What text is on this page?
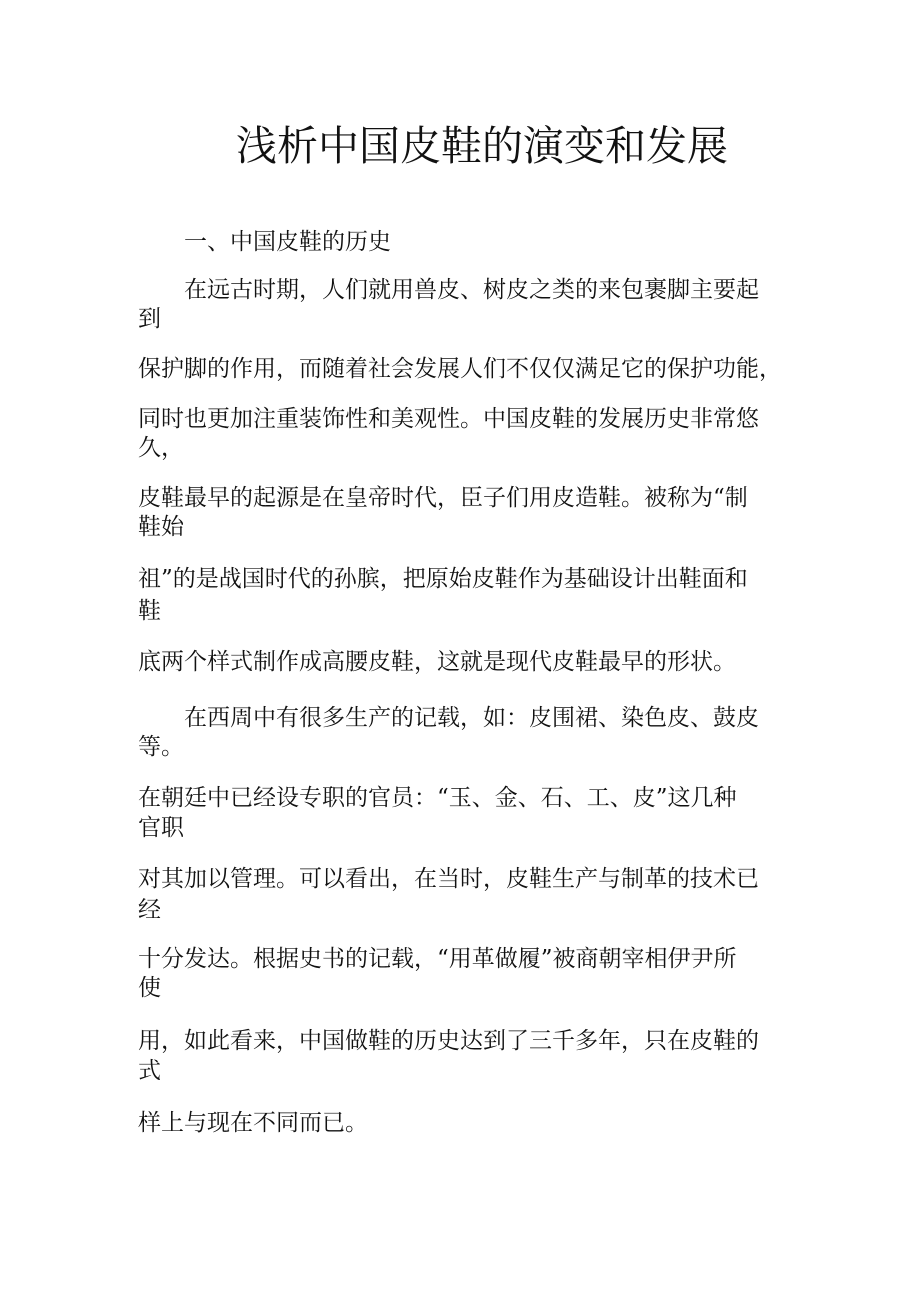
浅析中国皮鞋的演变和发展
一、中国皮鞋的历史
在远古时期，人们就用兽皮、树皮之类的来包裹脚主要起
到
保护脚的作用，而随着社会发展人们不仅仅满足它的保护功能，
同时也更加注重装饰性和美观性。中国皮鞋的发展历史非常悠
久，
皮鞋最早的起源是在皇帝时代，臣子们用皮造鞋。被称为“制
鞋始
祖”的是战国时代的孙膑，把原始皮鞋作为基础设计出鞋面和
鞋
底两个样式制作成高腰皮鞋，这就是现代皮鞋最早的形状。
在西周中有很多生产的记载，如：皮围裙、染色皮、鼓皮
等。
在朝廷中已经设专职的官员：“玉、金、石、工、皮”这几种
官职
对其加以管理。可以看出，在当时，皮鞋生产与制革的技术已
经
十分发达。根据史书的记载，“用革做履”被商朝宰相伊尹所
使
用，如此看来，中国做鞋的历史达到了三千多年，只在皮鞋的
式
样上与现在不同而已。
